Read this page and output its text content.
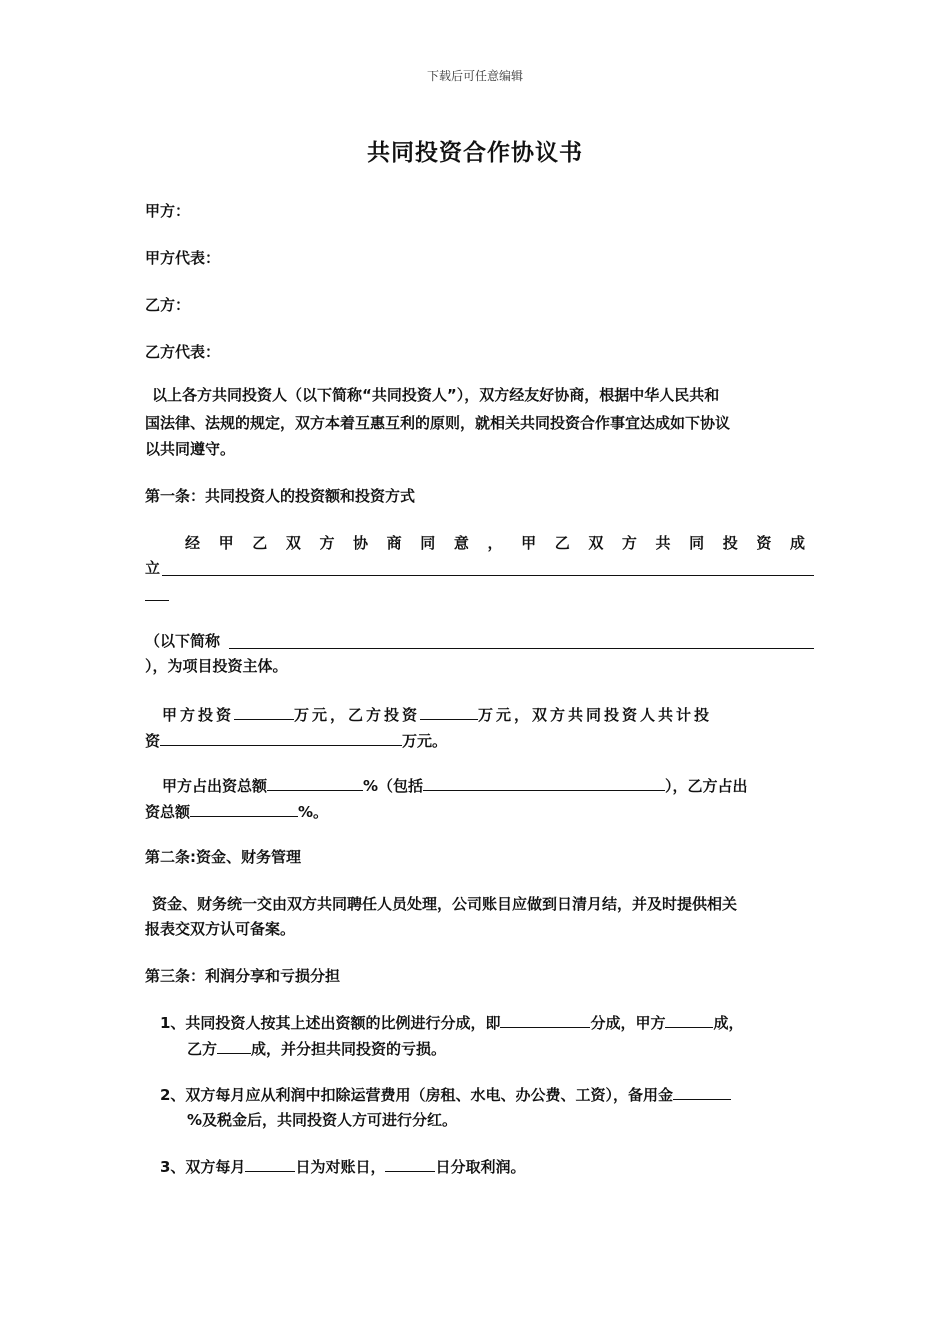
下载后可任意编辑
共同投资合作协议书
甲方：
甲方代表：
乙方：
乙方代表：
以上各方共同投资人（以下简称“共同投资人”），双方经友好协商，根据中华人民共和
国法律、法规的规定，双方本着互惠互利的原则，就相关共同投资合作事宜达成如下协议
以共同遵守。
第一条：共同投资人的投资额和投资方式
经 甲 乙 双 方 协 商 同 意 ， 甲 乙 双 方 共 同 投 资 成
立
（以下简称
），为项目投资主体。
甲方投资	万元，乙方投资	万元，双方共同投资人共计投
资	万元。
甲方占出资总额	%（包括	），乙方占出
资总额	%。
第二条:资金、财务管理
资金、财务统一交由双方共同聘任人员处理，公司账目应做到日清月结，并及时提供相关
报表交双方认可备案。
第三条：利润分享和亏损分担
1、共同投资人按其上述出资额的比例进行分成，即	分成，甲方	成，
乙方 成，并分担共同投资的亏损。
2、双方每月应从利润中扣除运营费用（房租、水电、办公费、工资），备用金
%及税金后，共同投资人方可进行分红。
3、双方每月	日为对账日，	日分取利润。
